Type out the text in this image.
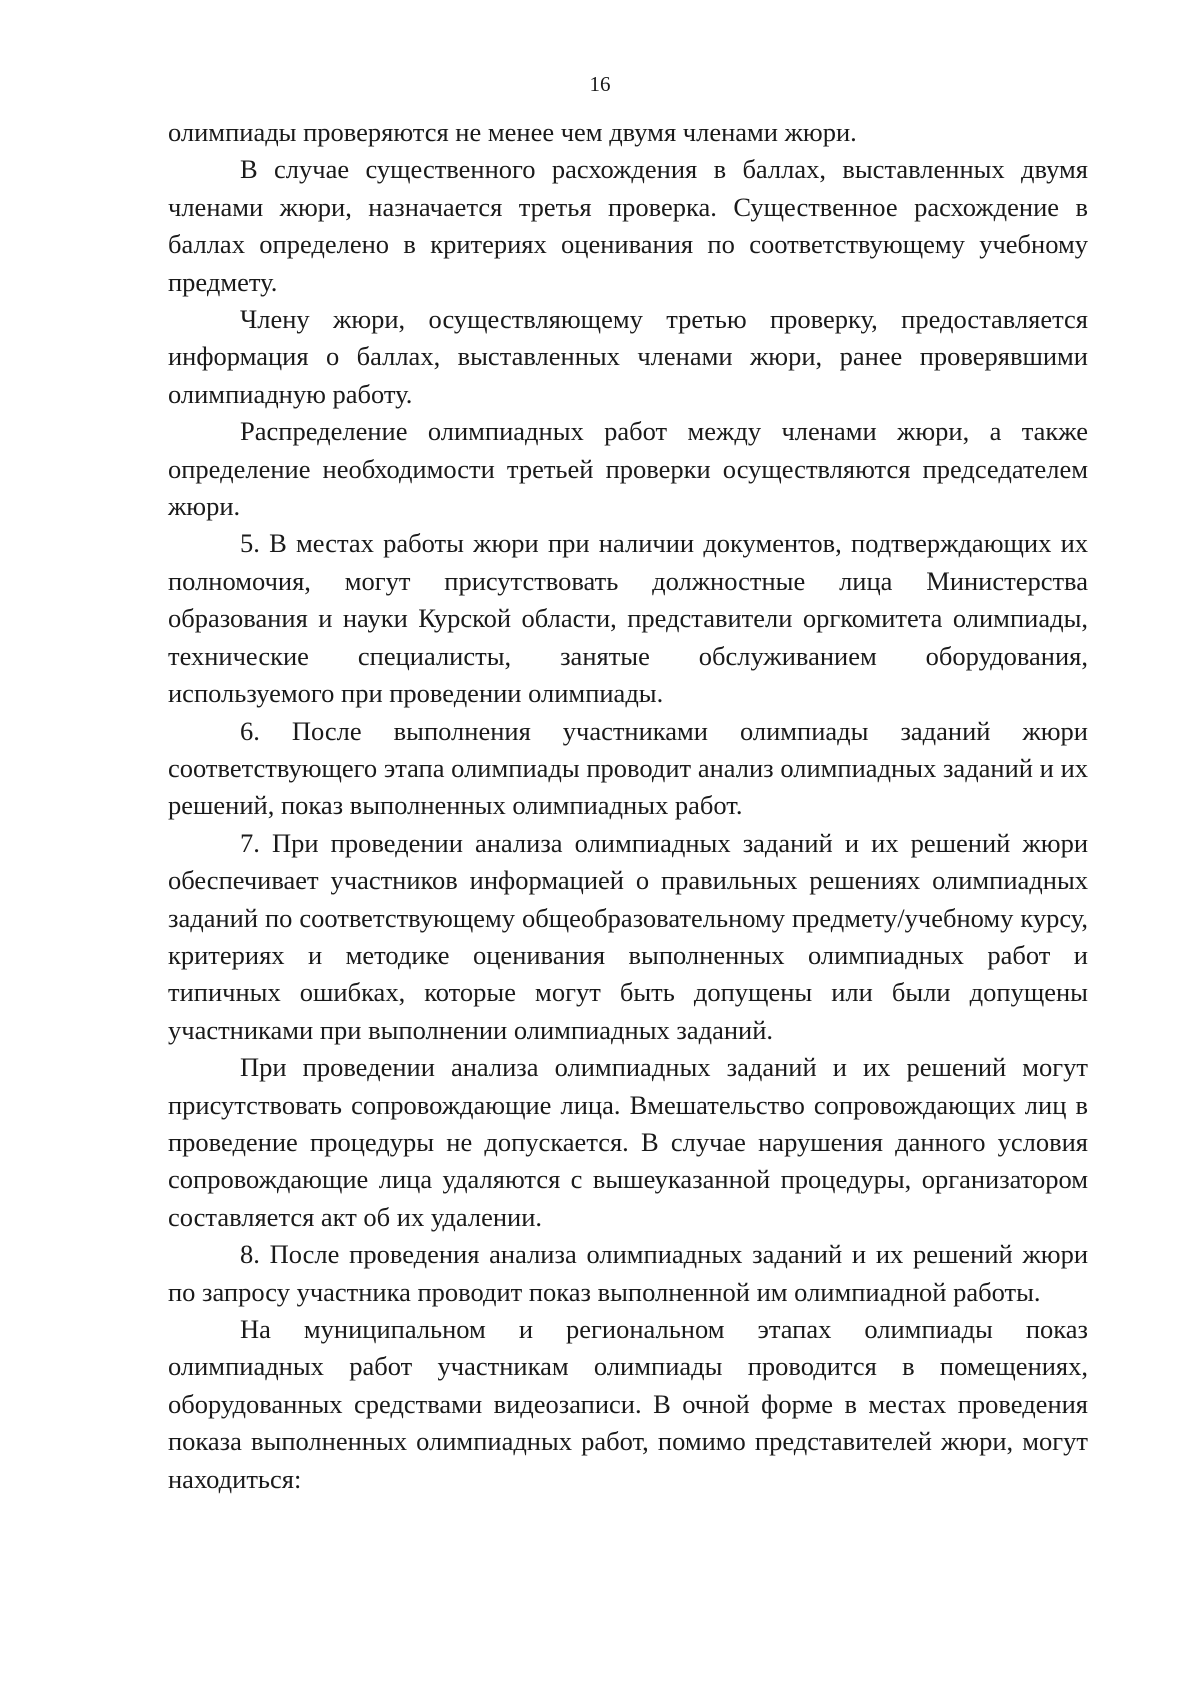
16

олимпиады проверяются не менее чем двумя членами жюри.

В случае существенного расхождения в баллах, выставленных двумя членами жюри, назначается третья проверка. Существенное расхождение в баллах определено в критериях оценивания по соответствующему учебному предмету.

Члену жюри, осуществляющему третью проверку, предоставляется информация о баллах, выставленных членами жюри, ранее проверявшими олимпиадную работу.

Распределение олимпиадных работ между членами жюри, а также определение необходимости третьей проверки осуществляются председателем жюри.

5. В местах работы жюри при наличии документов, подтверждающих их полномочия, могут присутствовать должностные лица Министерства образования и науки Курской области, представители оргкомитета олимпиады, технические специалисты, занятые обслуживанием оборудования, используемого при проведении олимпиады.

6. После выполнения участниками олимпиады заданий жюри соответствующего этапа олимпиады проводит анализ олимпиадных заданий и их решений, показ выполненных олимпиадных работ.

7. При проведении анализа олимпиадных заданий и их решений жюри обеспечивает участников информацией о правильных решениях олимпиадных заданий по соответствующему общеобразовательному предмету/учебному курсу, критериях и методике оценивания выполненных олимпиадных работ и типичных ошибках, которые могут быть допущены или были допущены участниками при выполнении олимпиадных заданий.

При проведении анализа олимпиадных заданий и их решений могут присутствовать сопровождающие лица. Вмешательство сопровождающих лиц в проведение процедуры не допускается. В случае нарушения данного условия сопровождающие лица удаляются с вышеуказанной процедуры, организатором составляется акт об их удалении.

8. После проведения анализа олимпиадных заданий и их решений жюри по запросу участника проводит показ выполненной им олимпиадной работы.

На муниципальном и региональном этапах олимпиады показ олимпиадных работ участникам олимпиады проводится в помещениях, оборудованных средствами видеозаписи. В очной форме в местах проведения показа выполненных олимпиадных работ, помимо представителей жюри, могут находиться:
